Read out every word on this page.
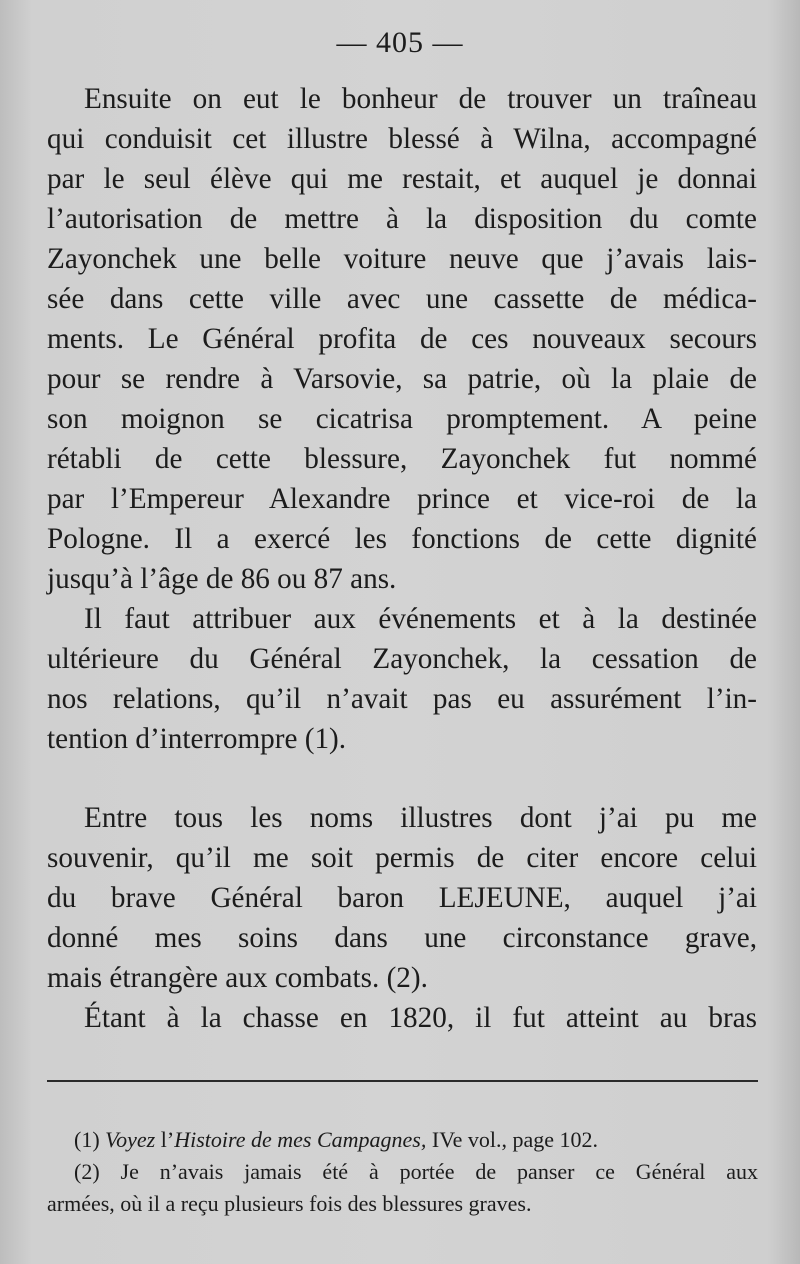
— 405 —
Ensuite on eut le bonheur de trouver un traîneau
qui conduisit cet illustre blessé à Wilna, accompagné
par le seul élève qui me restait, et auquel je donnai
l’autorisation de mettre à la disposition du comte
Zayonchek une belle voiture neuve que j’avais lais-
sée dans cette ville avec une cassette de médica-
ments. Le Général profita de ces nouveaux secours
pour se rendre à Varsovie, sa patrie, où la plaie de
son moignon se cicatrisa promptement. A peine
rétabli de cette blessure, Zayonchek fut nommé
par l’Empereur Alexandre prince et vice-roi de la
Pologne. Il a exercé les fonctions de cette dignité
jusqu’à l’âge de 86 ou 87 ans.
Il faut attribuer aux événements et à la destinée
ultérieure du Général Zayonchek, la cessation de
nos relations, qu’il n’avait pas eu assurément l’in-
tention d’interrompre (1).
Entre tous les noms illustres dont j’ai pu me
souvenir, qu’il me soit permis de citer encore celui
du brave Général baron LEJEUNE, auquel j’ai
donné mes soins dans une circonstance grave,
mais étrangère aux combats. (2).
Étant à la chasse en 1820, il fut atteint au bras
(1) Voyez l’Histoire de mes Campagnes, IVe vol., page 102.
(2) Je n’avais jamais été à portée de panser ce Général aux
armées, où il a reçu plusieurs fois des blessures graves.
